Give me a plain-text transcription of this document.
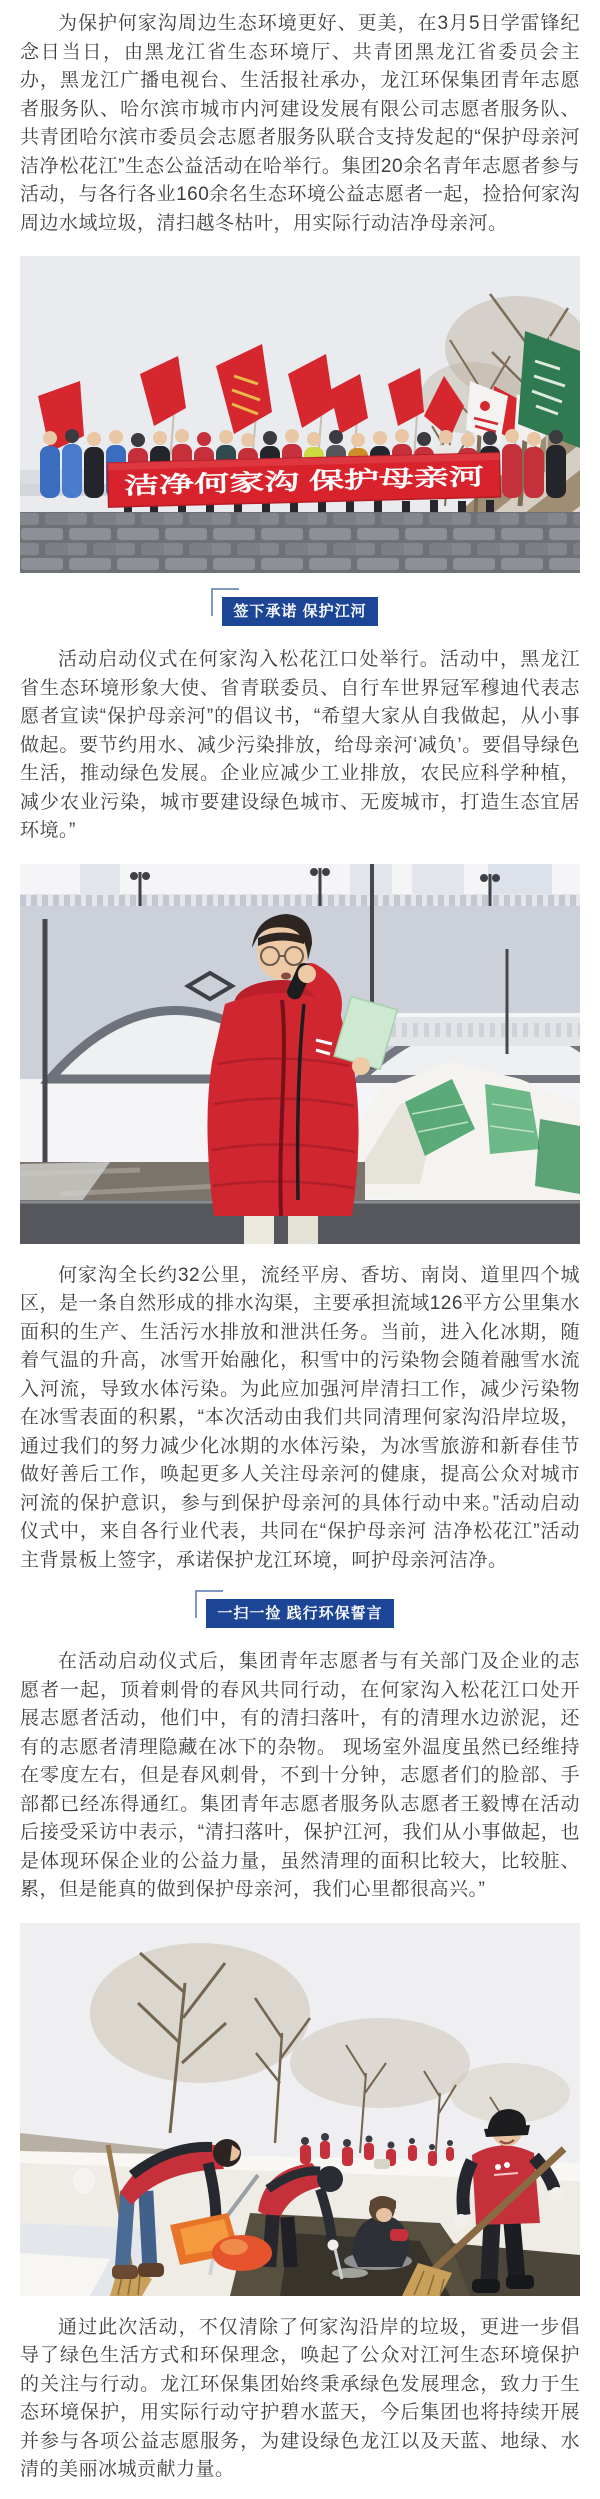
为保护何家沟周边生态环境更好、更美，在3月5日学雷锋纪念日当日，由黑龙江省生态环境厅、共青团黑龙江省委员会主办，黑龙江广播电视台、生活报社承办，龙江环保集团青年志愿者服务队、哈尔滨市城市内河建设发展有限公司志愿者服务队、共青团哈尔滨市委员会志愿者服务队联合支持发起的“保护母亲河 洁净松花江”生态公益活动在哈举行。集团20余名青年志愿者参与活动，与各行各业160余名生态环境公益志愿者一起，捡拾何家沟周边水域垃圾，清扫越冬枯叶，用实际行动洁净母亲河。

洁净何家沟 保护母亲河
签下承诺 保护江河

活动启动仪式在何家沟入松花江口处举行。活动中，黑龙江省生态环境形象大使、省青联委员、自行车世界冠军穆迪代表志愿者宣读“保护母亲河”的倡议书，“希望大家从自我做起，从小事做起。要节约用水、减少污染排放，给母亲河‘减负’。要倡导绿色生活，推动绿色发展。企业应减少工业排放，农民应科学种植，减少农业污染，城市要建设绿色城市、无废城市，打造生态宜居环境。”

何家沟全长约32公里，流经平房、香坊、南岗、道里四个城区，是一条自然形成的排水沟渠，主要承担流域126平方公里集水面积的生产、生活污水排放和泄洪任务。当前，进入化冰期，随着气温的升高，冰雪开始融化，积雪中的污染物会随着融雪水流入河流，导致水体污染。为此应加强河岸清扫工作，减少污染物在冰雪表面的积累，“本次活动由我们共同清理何家沟沿岸垃圾，通过我们的努力减少化冰期的水体污染，为冰雪旅游和新春佳节做好善后工作，唤起更多人关注母亲河的健康，提高公众对城市河流的保护意识，参与到保护母亲河的具体行动中来。”活动启动仪式中，来自各行业代表，共同在“保护母亲河 洁净松花江”活动主背景板上签字，承诺保护龙江环境，呵护母亲河洁净。

一扫一捡 践行环保誓言

在活动启动仪式后，集团青年志愿者与有关部门及企业的志愿者一起，顶着刺骨的春风共同行动，在何家沟入松花江口处开展志愿者活动，他们中，有的清扫落叶，有的清理水边淤泥，还有的志愿者清理隐藏在冰下的杂物。 现场室外温度虽然已经维持在零度左右，但是春风刺骨，不到十分钟，志愿者们的脸部、手部都已经冻得通红。集团青年志愿者服务队志愿者王毅博在活动后接受采访中表示，“清扫落叶，保护江河，我们从小事做起，也是体现环保企业的公益力量，虽然清理的面积比较大，比较脏、累，但是能真的做到保护母亲河，我们心里都很高兴。”

通过此次活动，不仅清除了何家沟沿岸的垃圾，更进一步倡导了绿色生活方式和环保理念，唤起了公众对江河生态环境保护的关注与行动。龙江环保集团始终秉承绿色发展理念，致力于生态环境保护，用实际行动守护碧水蓝天，今后集团也将持续开展并参与各项公益志愿服务，为建设绿色龙江以及天蓝、地绿、水清的美丽冰城贡献力量。
